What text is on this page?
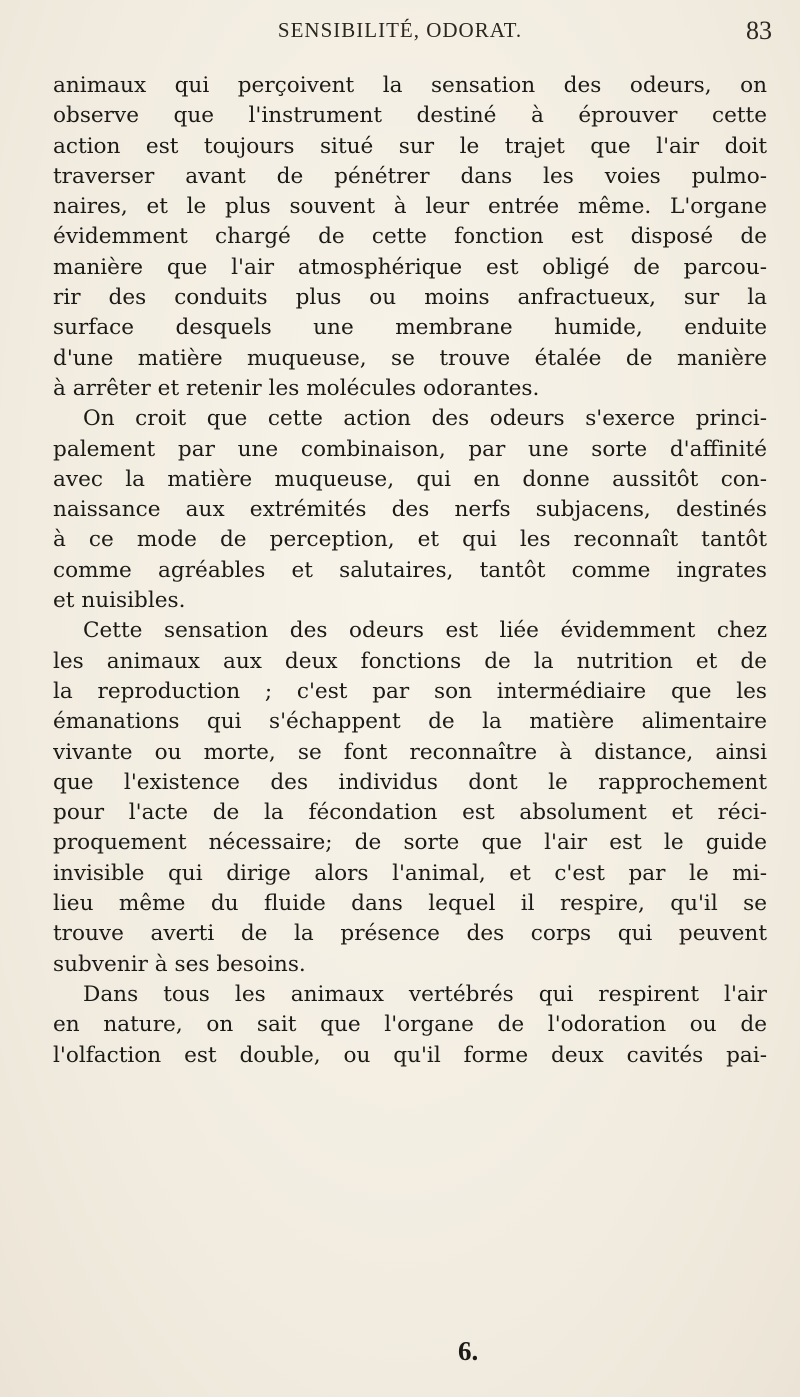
SENSIBILITÉ, ODORAT.	83
animaux qui perçoivent la sensation des odeurs, on
observe que l'instrument destiné à éprouver cette
action est toujours situé sur le trajet que l'air doit
traverser avant de pénétrer dans les voies pulmo-
naires, et le plus souvent à leur entrée même. L'organe
évidemment chargé de cette fonction est disposé de
manière que l'air atmosphérique est obligé de parcou-
rir des conduits plus ou moins anfractueux, sur la
surface desquels une membrane humide, enduite
d'une matière muqueuse, se trouve étalée de manière
à arrêter et retenir les molécules odorantes.
On croit que cette action des odeurs s'exerce princi-
palement par une combinaison, par une sorte d'affinité
avec la matière muqueuse, qui en donne aussitôt con-
naissance aux extrémités des nerfs subjacens, destinés
à ce mode de perception, et qui les reconnaît tantôt
comme agréables et salutaires, tantôt comme ingrates
et nuisibles.
Cette sensation des odeurs est liée évidemment chez
les animaux aux deux fonctions de la nutrition et de
la reproduction ; c'est par son intermédiaire que les
émanations qui s'échappent de la matière alimentaire
vivante ou morte, se font reconnaître à distance, ainsi
que l'existence des individus dont le rapprochement
pour l'acte de la fécondation est absolument et réci-
proquement nécessaire; de sorte que l'air est le guide
invisible qui dirige alors l'animal, et c'est par le mi-
lieu même du fluide dans lequel il respire, qu'il se
trouve averti de la présence des corps qui peuvent
subvenir à ses besoins.
Dans tous les animaux vertébrés qui respirent l'air
en nature, on sait que l'organe de l'odoration ou de
l'olfaction est double, ou qu'il forme deux cavités pai-
6.
